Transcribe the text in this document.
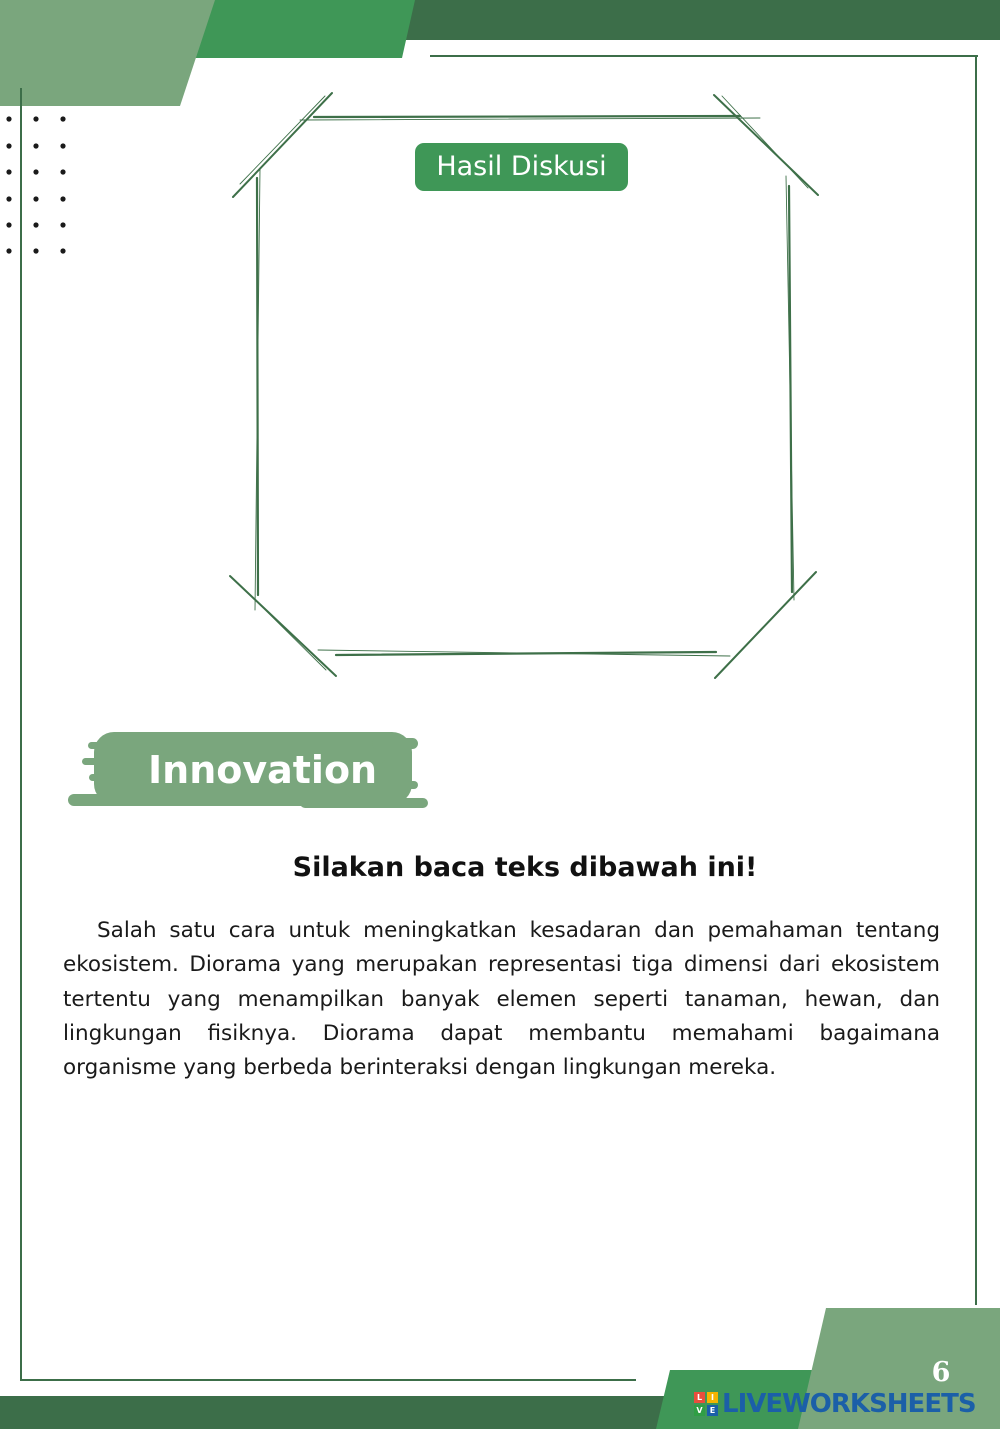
Hasil Diskusi
Innovation
Silakan baca teks dibawah ini!
Salah satu cara untuk meningkatkan kesadaran dan pemahaman tentang ekosistem. Diorama yang merupakan representasi tiga dimensi dari ekosistem tertentu yang menampilkan banyak elemen seperti tanaman, hewan, dan lingkungan fisiknya. Diorama dapat membantu memahami bagaimana organisme yang berbeda berinteraksi dengan lingkungan mereka.
6
L	I
V E LIVEWORKSHEETS
